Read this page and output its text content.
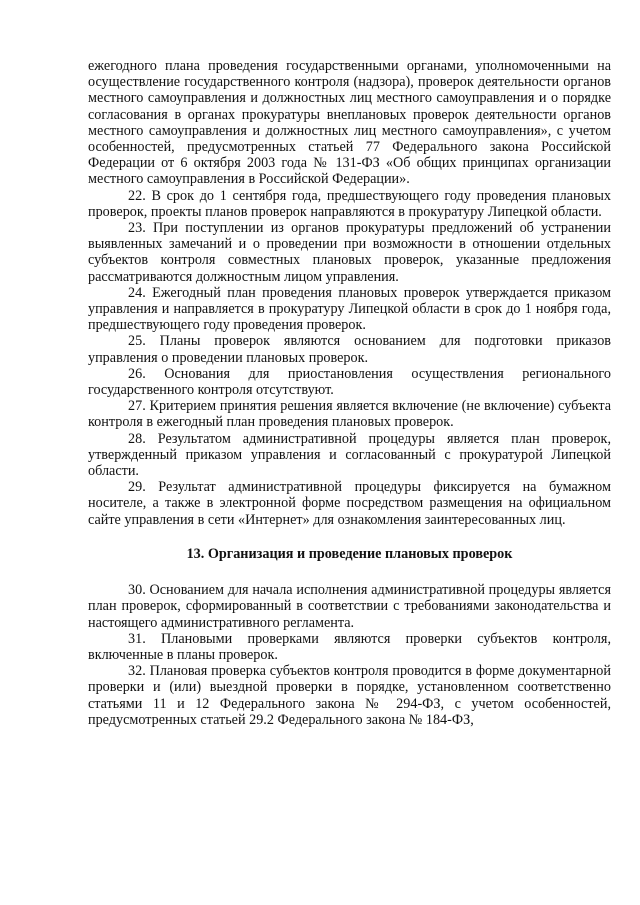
ежегодного плана проведения государственными органами, уполномоченными на осуществление государственного контроля (надзора), проверок деятельности органов местного самоуправления и должностных лиц местного самоуправления и о порядке согласования в органах прокуратуры внеплановых проверок деятельности органов местного самоуправления и должностных лиц местного самоуправления», с учетом особенностей, предусмотренных статьей 77 Федерального закона Российской Федерации от 6 октября 2003 года № 131-ФЗ «Об общих принципах организации местного самоуправления в Российской Федерации».

22. В срок до 1 сентября года, предшествующего году проведения плановых проверок, проекты планов проверок направляются в прокуратуру Липецкой области.

23. При поступлении из органов прокуратуры предложений об устранении выявленных замечаний и о проведении при возможности в отношении отдельных субъектов контроля совместных плановых проверок, указанные предложения рассматриваются должностным лицом управления.

24. Ежегодный план проведения плановых проверок утверждается приказом управления и направляется в прокуратуру Липецкой области в срок до 1 ноября года, предшествующего году проведения проверок.

25. Планы проверок являются основанием для подготовки приказов управления о проведении плановых проверок.

26. Основания для приостановления осуществления регионального государственного контроля отсутствуют.

27. Критерием принятия решения является включение (не включение) субъекта контроля в ежегодный план проведения плановых проверок.

28. Результатом административной процедуры является план проверок, утвержденный приказом управления и согласованный с прокуратурой Липецкой области.

29. Результат административной процедуры фиксируется на бумажном носителе, а также в электронной форме посредством размещения на официальном сайте управления в сети «Интернет» для ознакомления заинтересованных лиц.

13. Организация и проведение плановых проверок

30. Основанием для начала исполнения административной процедуры является план проверок, сформированный в соответствии с требованиями законодательства и настоящего административного регламента.

31. Плановыми проверками являются проверки субъектов контроля, включенные в планы проверок.

32. Плановая проверка субъектов контроля проводится в форме документарной проверки и (или) выездной проверки в порядке, установленном соответственно статьями 11 и 12 Федерального закона № 294-ФЗ, с учетом особенностей, предусмотренных статьей 29.2 Федерального закона № 184-ФЗ,
